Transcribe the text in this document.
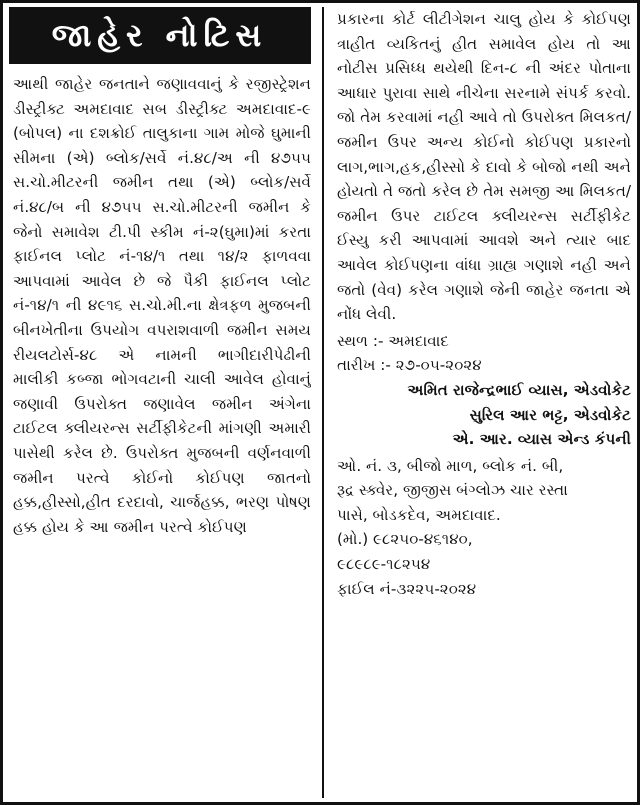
જાહેર નોટિસ
આથી જાહેર જનતાને જણાવવાનું કે રજીસ્ટ્રેશન ડીસ્ટ્રીક્ટ અમદાવાદ સબ ડીસ્ટ્રીક્ટ અમદાવાદ-૯ (બોપલ) ના દશક્રોઈ તાલુકાના ગામ મોજે ઘુમાની સીમના (એ) બ્લોક/સર્વે નં.૪૮/અ ની ૪૭૫૫ સ.ચો.મીટરની જમીન તથા (એ) બ્લોક/સર્વે નં.૪૮/બ ની ૪૭૫૫ સ.ચો.મીટરની જમીન કે જેનો સમાવેશ ટી.પી સ્કીમ નં-૨(ઘુમા)માં કરતા ફાઈનલ પ્લોટ નં-૧૪/૧ તથા ૧૪/૨ ફાળવવા આપવામાં આવેલ છે જે પૈકી ફાઈનલ પ્લોટ નં-૧૪/૧ ની ૪૯૧૬ સ.ચો.મી.ના ક્ષેત્રફળ મુજબની બીનખેતીના ઉપયોગ વપરાશવાળી જમીન સમય રીયલટોર્સ-૪૮ એ નામની ભાગીદારીપેઢીની માલીકી કબ્જા ભોગવટાની ચાલી આવેલ હોવાનું જણાવી ઉપરોક્ત જણાવેલ જમીન અંગેના ટાઈટલ ક્લીયરન્સ સર્ટીફીકેટની માંગણી અમારી પાસેથી કરેલ છે. ઉપરોક્ત મુજબની વર્ણનવાળી જમીન પરત્વે કોઈનો કોઈપણ જાતનો હક્ક,હીસ્સો,હીત દરદાવો, ચાર્જહક્ક, ભરણ પોષણ હક્ક હોય કે આ જમીન પરત્વે કોઈપણ
પ્રકારના કોર્ટ લીટીગેશન ચાલુ હોય કે કોઈપણ ત્રાહીત વ્યકિતનું હીત સમાવેલ હોય તો આ નોટીસ પ્રસિધ્ધ થયેથી દિન-૮ ની અંદર પોતાના આધાર પુરાવા સાથે નીચેના સરનામે સંપર્ક કરવો. જો તેમ કરવામાં નહી આવે તો ઉપરોક્ત મિલકત/જમીન ઉપર અન્ય કોઈનો કોઈપણ પ્રકારનો લાગ,ભાગ,હક,હીસ્સો કે દાવો કે બોજો નથી અને હોયતો તે જતો કરેલ છે તેમ સમજી આ મિલકત/જમીન ઉપર ટાઈટલ ક્લીયરન્સ સર્ટીફીકેટ ઈસ્યુ કરી આપવામાં આવશે અને ત્યાર બાદ આવેલ કોઈપણના વાંધા ગ્રાહ્ય ગણાશે નહી અને જતો (વેવ) કરેલ ગણાશે જેની જાહેર જનતા એ નોંધ લેવી.
સ્થળ :- અમદાવાદ
તારીખ :- ૨૭-૦૫-૨૦૨૪
અમિત રાજેન્દ્રભાઈ વ્યાસ, એડવોકેટ
સુરિલ આર ભટ્ટ, એડવોકેટ
એ. આર. વ્યાસ એન્ડ કંપની
ઓ. નં. ૩, બીજો માળ, બ્લોક નં. બી,
રૂદ્ર સ્ક્વેર, જીજીસ બંગ્લોઝ ચાર રસ્તા
પાસે, બોડકદેવ, અમદાવાદ.
(મો.) ૯૮૨૫૦-૪૬૧૪૦,
૯૮૯૮૯-૧૮૨૫૪
ફાઈલ નં-૩૨૨૫-૨૦૨૪
